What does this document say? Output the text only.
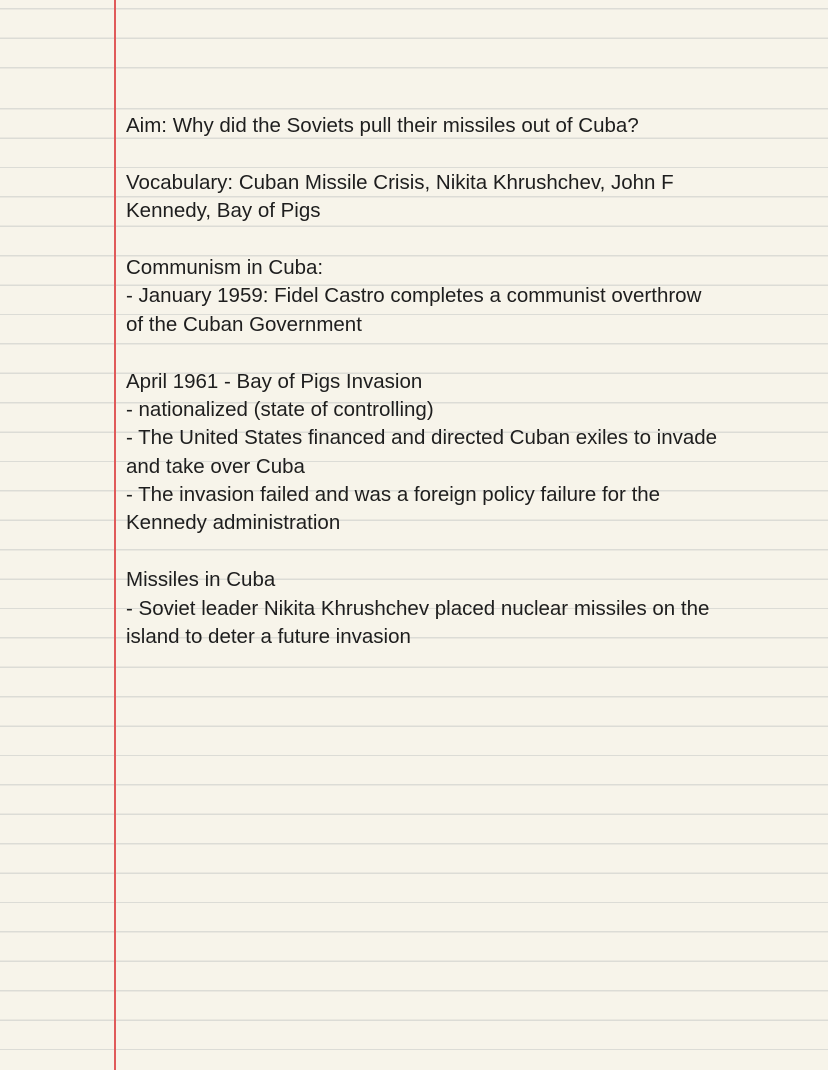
Aim: Why did the Soviets pull their missiles out of Cuba?
Vocabulary: Cuban Missile Crisis, Nikita Khrushchev, John F
Kennedy, Bay of Pigs
Communism in Cuba:
- January 1959: Fidel Castro completes a communist overthrow
of the Cuban Government
April 1961 - Bay of Pigs Invasion
- nationalized (state of controlling)
- The United States financed and directed Cuban exiles to invade
and take over Cuba
- The invasion failed and was a foreign policy failure for the
Kennedy administration
Missiles in Cuba
- Soviet leader Nikita Khrushchev placed nuclear missiles on the
island to deter a future invasion
